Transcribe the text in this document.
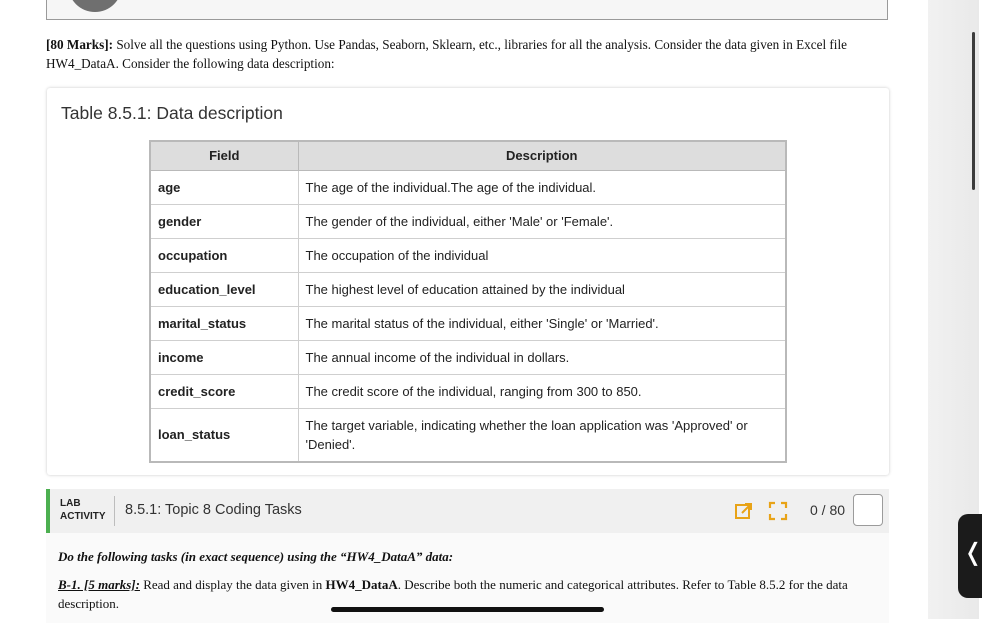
[80 Marks]: Solve all the questions using Python. Use Pandas, Seaborn, Sklearn, etc., libraries for all the analysis. Consider the data given in Excel file HW4_DataA. Consider the following data description:

Table 8.5.1: Data description
Field	Description
age	The age of the individual.The age of the individual.
gender	The gender of the individual, either 'Male' or 'Female'.
occupation	The occupation of the individual
education_level	The highest level of education attained by the individual
marital_status	The marital status of the individual, either 'Single' or 'Married'.
income	The annual income of the individual in dollars.
credit_score	The credit score of the individual, ranging from 300 to 850.
loan_status	The target variable, indicating whether the loan application was 'Approved' or 'Denied'.
LAB
ACTIVITY 8.5.1: Topic 8 Coding Tasks	0 / 80
Do the following tasks (in exact sequence) using the “HW4_DataA” data:

B-1. [5 marks]: Read and display the data given in HW4_DataA. Describe both the numeric and categorical attributes. Refer to Table 8.5.2 for the data description.

❬
